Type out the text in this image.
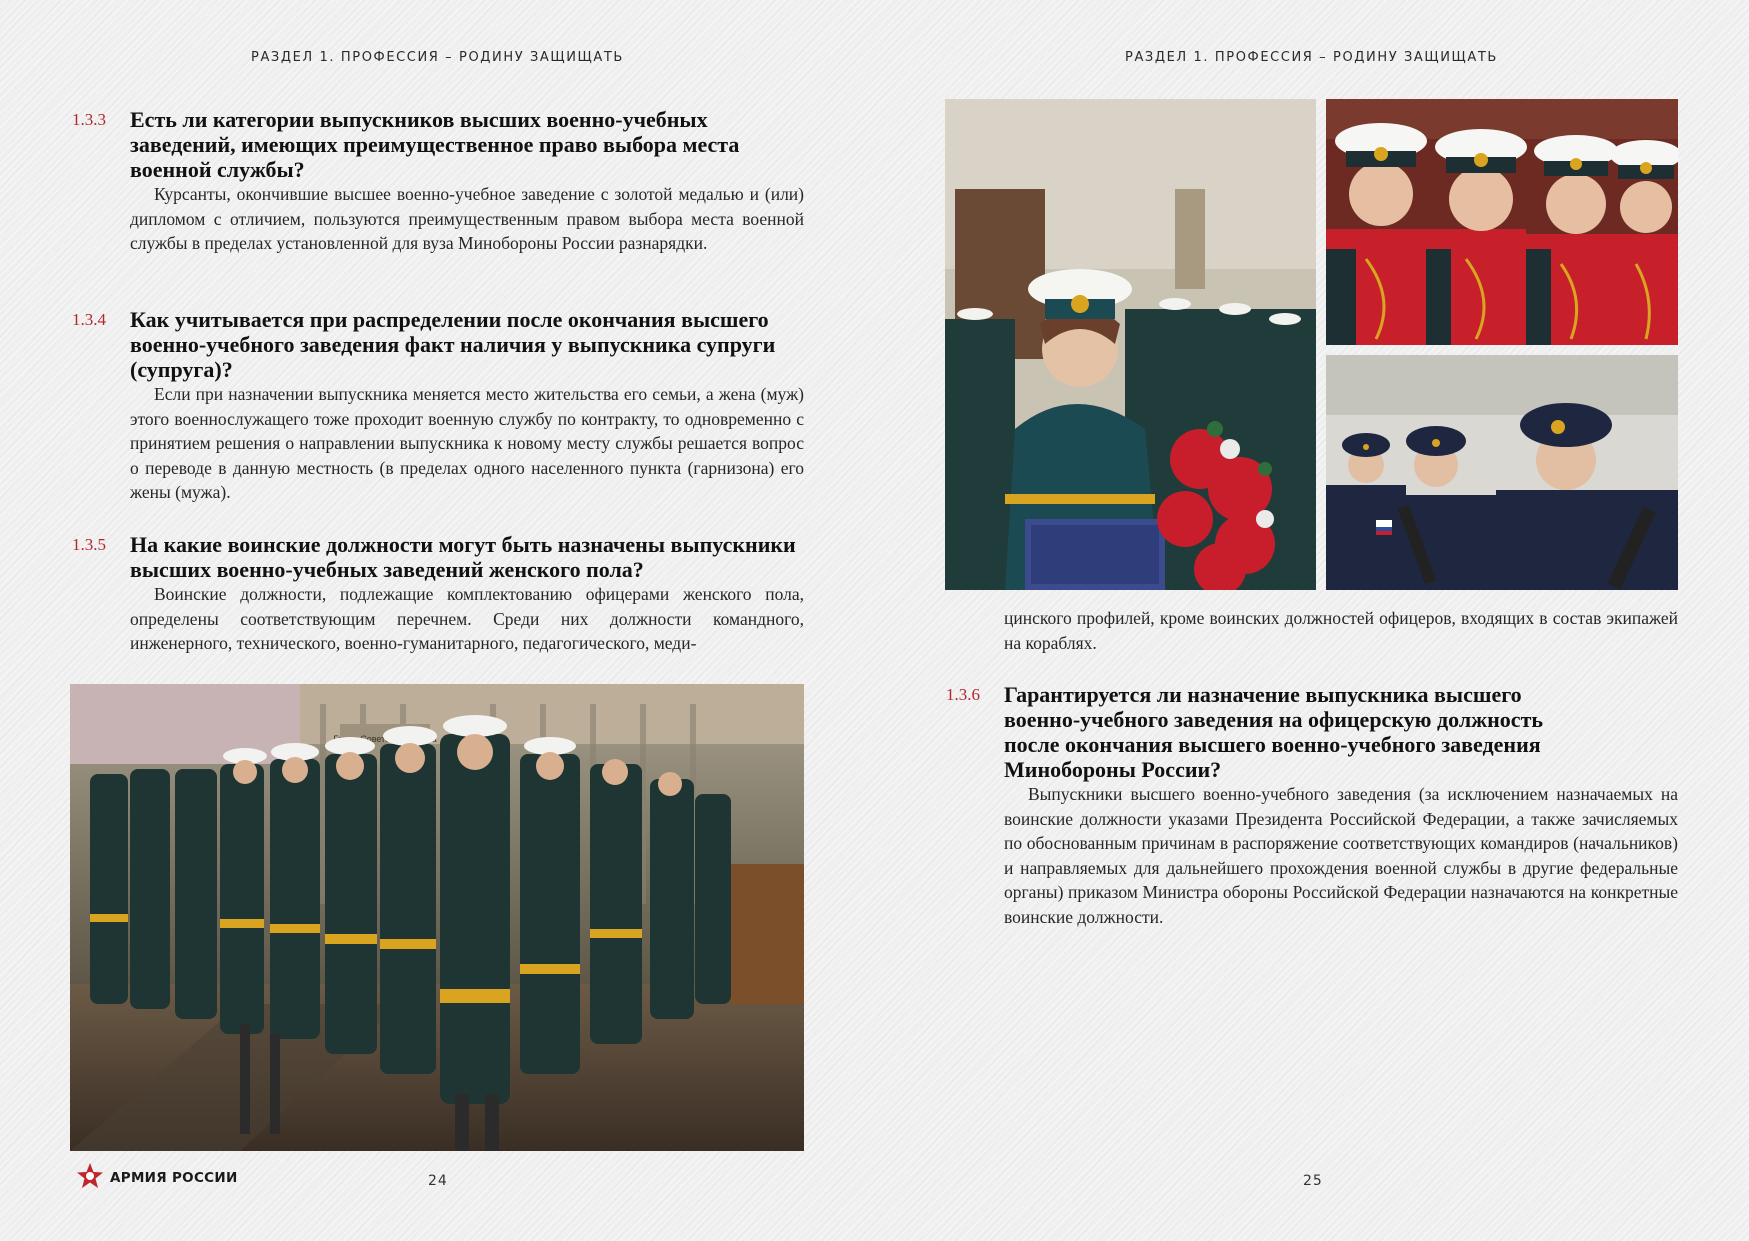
РАЗДЕЛ 1. ПРОФЕССИЯ – РОДИНУ ЗАЩИЩАТЬ
1.3.3 Есть ли категории выпускников высших военно-учебных заведений, имеющих преимущественное право выбора места военной службы?

Курсанты, окончившие высшее военно-учебное заведение с золотой медалью и (или) дипломом с отличием, пользуются преимущественным правом выбора места военной службы в пределах установленной для вуза Минобороны России разнарядки.

1.3.4 Как учитывается при распределении после окончания высшего военно-учебного заведения факт наличия у выпускника супруги (супруга)?

Если при назначении выпускника меняется место жительства его семьи, а жена (муж) этого военнослужащего тоже проходит военную службу по контракту, то одновременно с принятием решения о направлении выпускника к новому месту службы решается вопрос о переводе в данную местность (в пределах одного населенного пункта (гарнизона) его жены (мужа).

1.3.5 На какие воинские должности могут быть назначены выпускники высших военно-учебных заведений женского пола?

Воинские должности, подлежащие комплектованию офицерами женского пола, определены соответствующим перечнем. Среди них должности командного, инженерного, технического, военно-гуманитарного, педагогического, меди-

Советского
АРМИЯ РОССИИ	24
РАЗДЕЛ 1. ПРОФЕССИЯ – РОДИНУ ЗАЩИЩАТЬ

цинского профилей, кроме воинских должностей офицеров, входящих в состав экипажей на кораблях.

1.3.6 Гарантируется ли назначение выпускника высшего военно-учебного заведения на офицерскую должность после окончания высшего военно-учебного заведения Минобороны России?

Выпускники высшего военно-учебного заведения (за исключением назначаемых на воинские должности указами Президента Российской Федерации, а также зачисляемых по обоснованным причинам в распоряжение соответствующих командиров (начальников) и направляемых для дальнейшего прохождения военной службы в другие федеральные органы) приказом Министра обороны Российской Федерации назначаются на конкретные воинские должности.

25
